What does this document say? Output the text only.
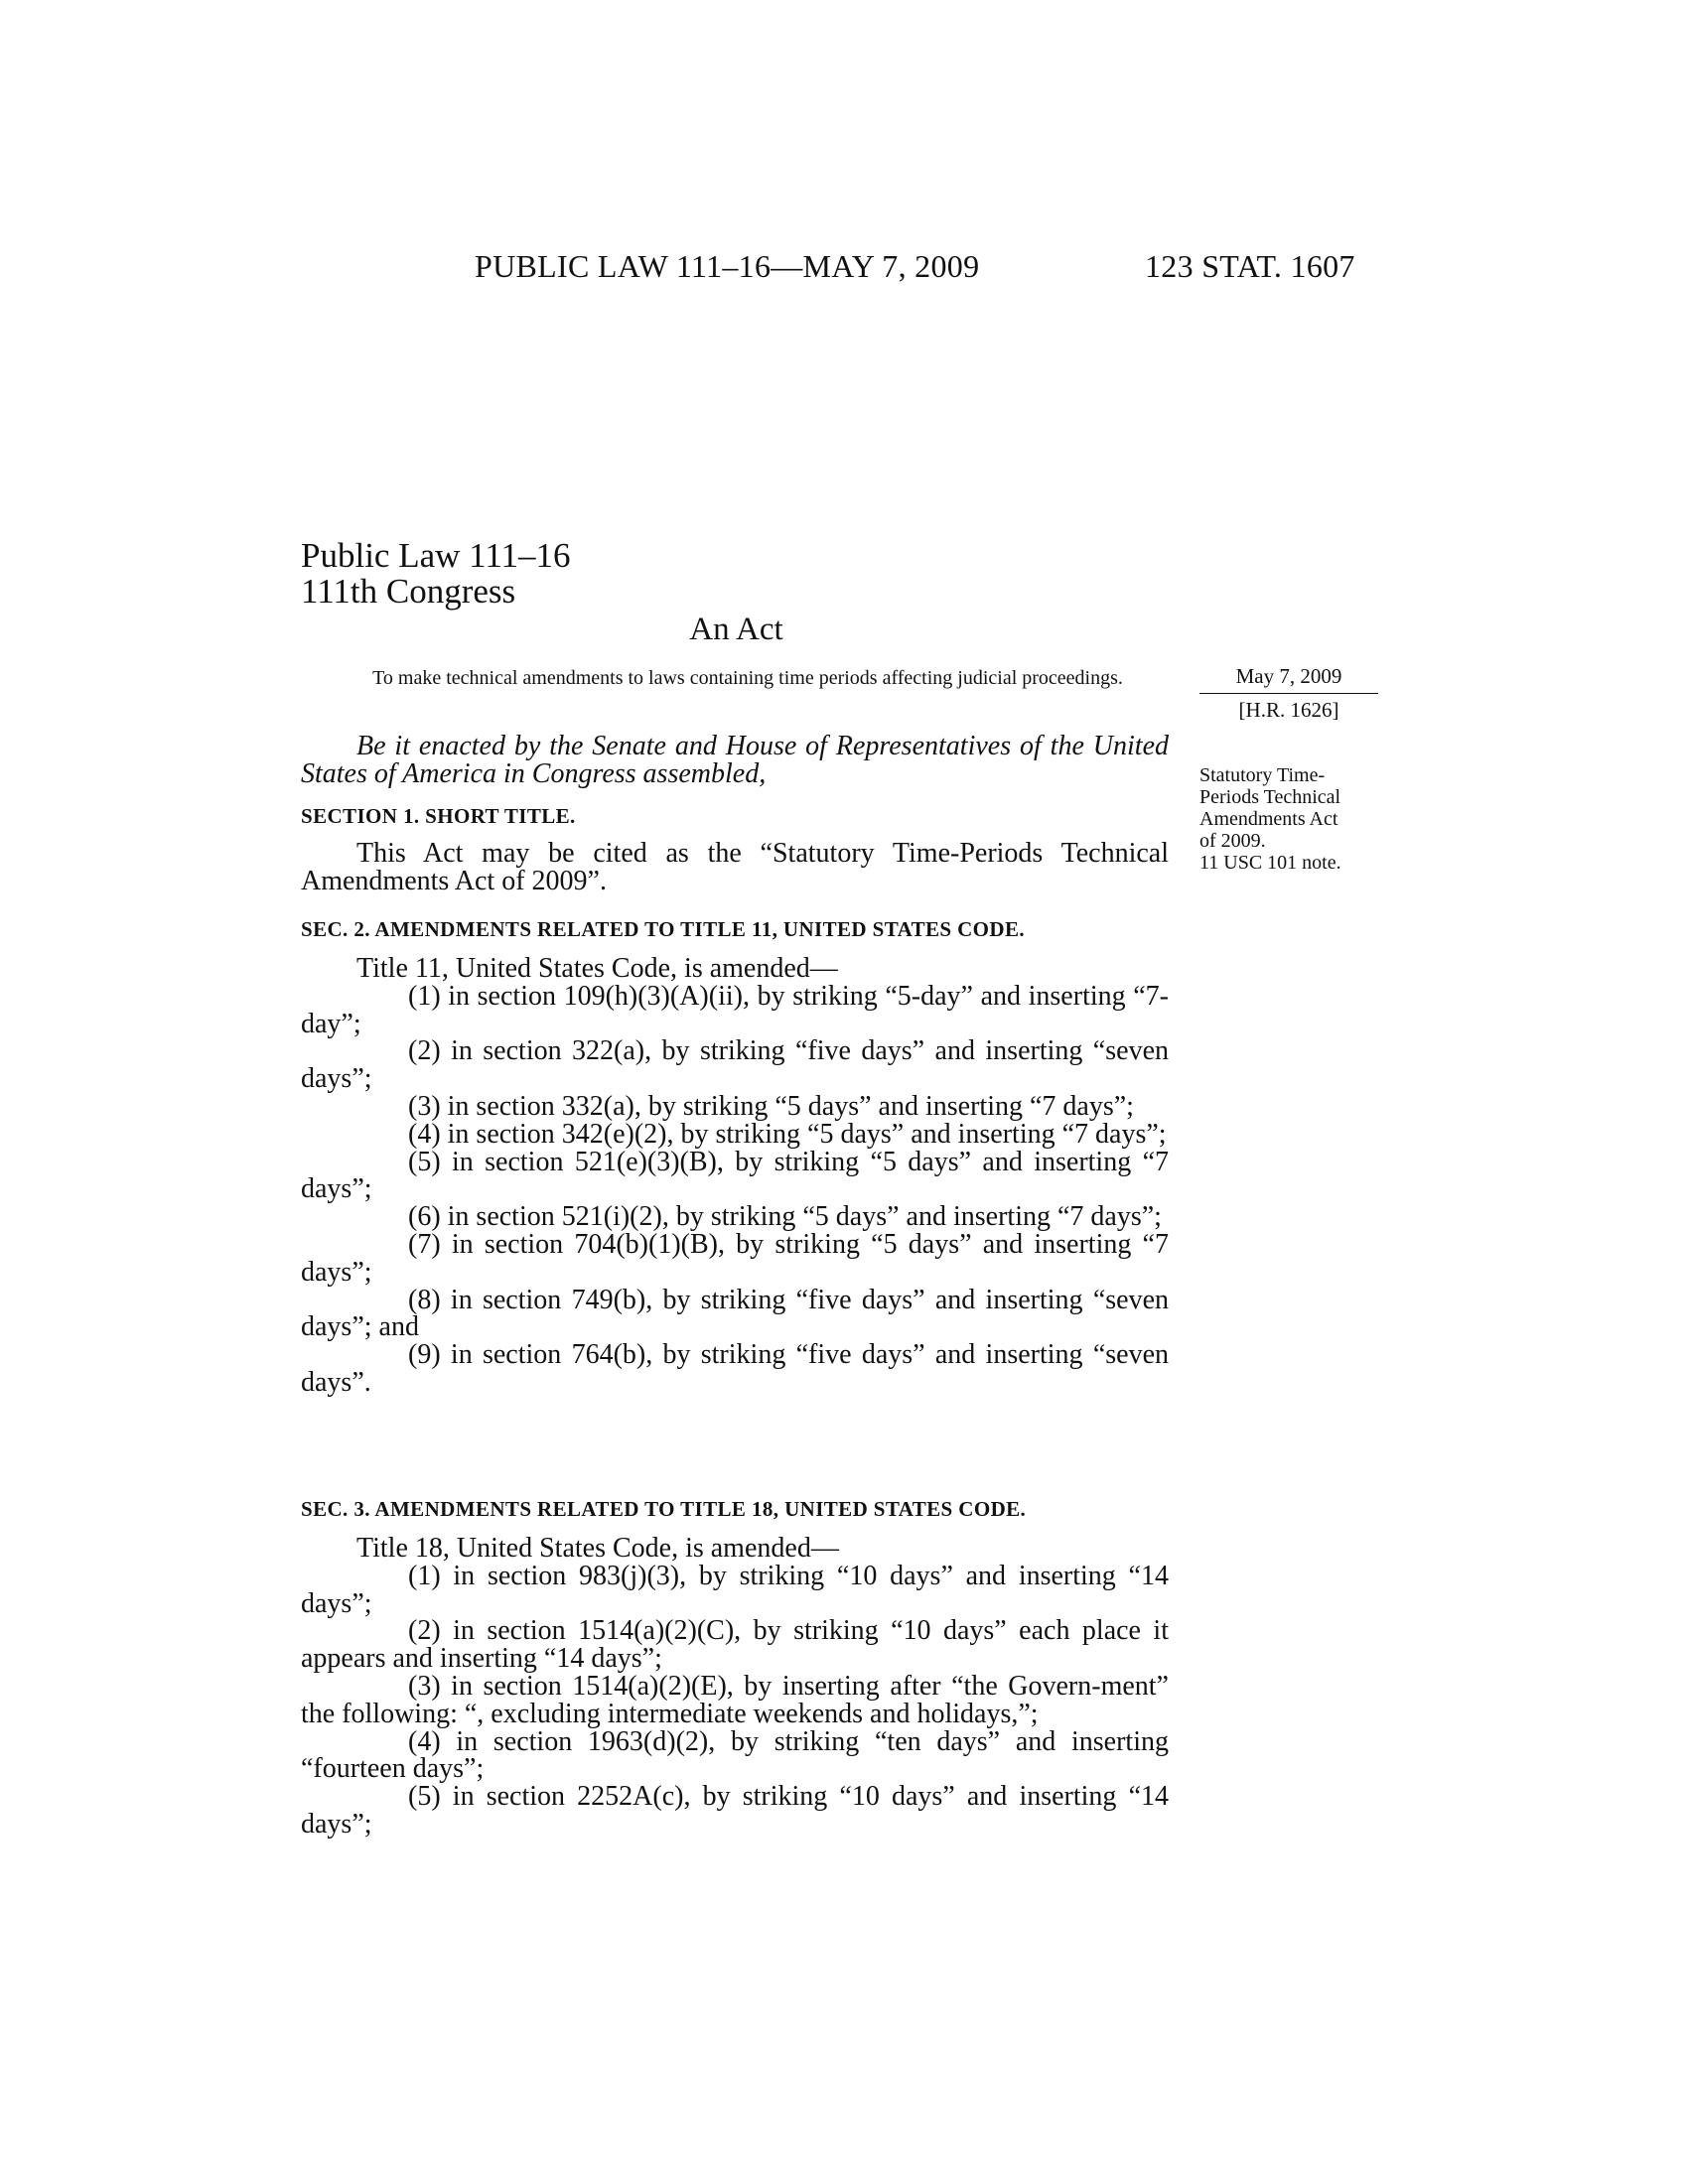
PUBLIC LAW 111–16—MAY 7, 2009	123 STAT. 1607
Public Law 111–16
111th Congress
An Act
To make technical amendments to laws containing time periods affecting judicial proceedings.	May 7, 2009
[H.R. 1626]
Statutory Time-
Periods Technical
Amendments Act
of 2009.
11 USC 101 note.

Be it enacted by the Senate and House of Representatives of the United States of America in Congress assembled,

SECTION 1. SHORT TITLE.

This Act may be cited as the “Statutory Time-Periods Technical Amendments Act of 2009”.

SEC. 2. AMENDMENTS RELATED TO TITLE 11, UNITED STATES CODE.
Title 11, United States Code, is amended—
(1) in section 109(h)(3)(A)(ii), by striking “5-day” and inserting “7-day”;
(2) in section 322(a), by striking “five days” and inserting “seven days”;
(3) in section 332(a), by striking “5 days” and inserting “7 days”;
(4) in section 342(e)(2), by striking “5 days” and inserting “7 days”;
(5) in section 521(e)(3)(B), by striking “5 days” and inserting “7 days”;
(6) in section 521(i)(2), by striking “5 days” and inserting “7 days”;
(7) in section 704(b)(1)(B), by striking “5 days” and inserting “7 days”;
(8) in section 749(b), by striking “five days” and inserting “seven days”; and
(9) in section 764(b), by striking “five days” and inserting “seven days”.
SEC. 3. AMENDMENTS RELATED TO TITLE 18, UNITED STATES CODE.
Title 18, United States Code, is amended—
(1) in section 983(j)(3), by striking “10 days” and inserting “14 days”;
(2) in section 1514(a)(2)(C), by striking “10 days” each place it appears and inserting “14 days”;
(3) in section 1514(a)(2)(E), by inserting after “the Govern-ment” the following: “, excluding intermediate weekends and holidays,”;
(4) in section 1963(d)(2), by striking “ten days” and inserting “fourteen days”;
(5) in section 2252A(c), by striking “10 days” and inserting “14 days”;
